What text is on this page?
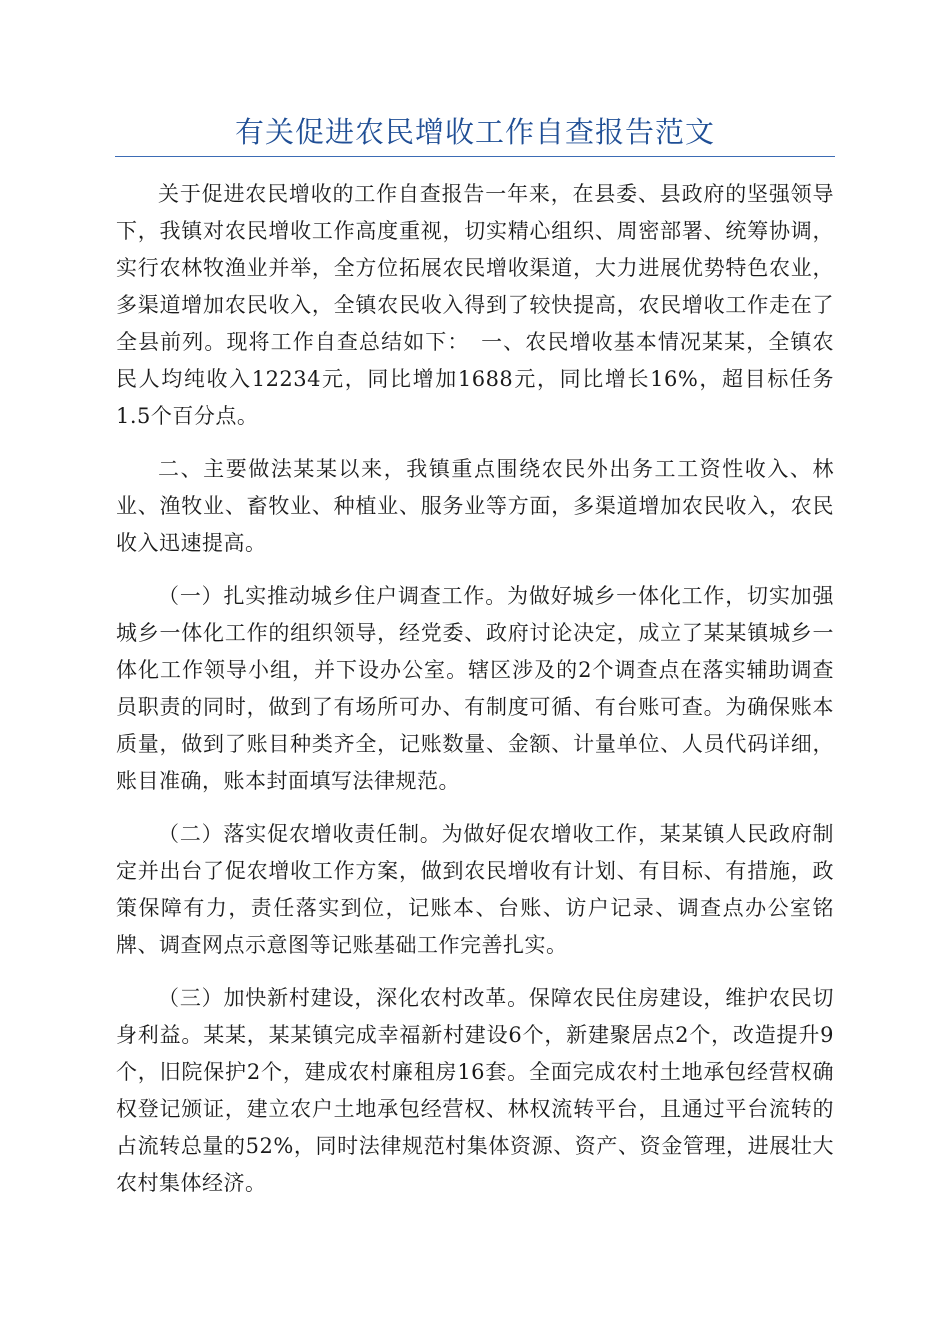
有关促进农民增收工作自查报告范文

关于促进农民增收的工作自查报告一年来，在县委、县政府的坚强领导下，我镇对农民增收工作高度重视，切实精心组织、周密部署、统筹协调，实行农林牧渔业并举，全方位拓展农民增收渠道，大力进展优势特色农业，多渠道增加农民收入，全镇农民收入得到了较快提高，农民增收工作走在了全县前列。现将工作自查总结如下：　一、农民增收基本情况某某，全镇农民人均纯收入12234元，同比增加1688元，同比增长16%，超目标任务1.5个百分点。

二、主要做法某某以来，我镇重点围绕农民外出务工工资性收入、林业、渔牧业、畜牧业、种植业、服务业等方面，多渠道增加农民收入，农民收入迅速提高。

（一）扎实推动城乡住户调查工作。为做好城乡一体化工作，切实加强城乡一体化工作的组织领导，经党委、政府讨论决定，成立了某某镇城乡一体化工作领导小组，并下设办公室。辖区涉及的2个调查点在落实辅助调查员职责的同时，做到了有场所可办、有制度可循、有台账可查。为确保账本质量，做到了账目种类齐全，记账数量、金额、计量单位、人员代码详细，账目准确，账本封面填写法律规范。

（二）落实促农增收责任制。为做好促农增收工作，某某镇人民政府制定并出台了促农增收工作方案，做到农民增收有计划、有目标、有措施，政策保障有力，责任落实到位，记账本、台账、访户记录、调查点办公室铭牌、调查网点示意图等记账基础工作完善扎实。

（三）加快新村建设，深化农村改革。保障农民住房建设，维护农民切身利益。某某，某某镇完成幸福新村建设6个，新建聚居点2个，改造提升9个，旧院保护2个，建成农村廉租房16套。全面完成农村土地承包经营权确权登记颁证，建立农户土地承包经营权、林权流转平台，且通过平台流转的占流转总量的52%，同时法律规范村集体资源、资产、资金管理，进展壮大农村集体经济。
